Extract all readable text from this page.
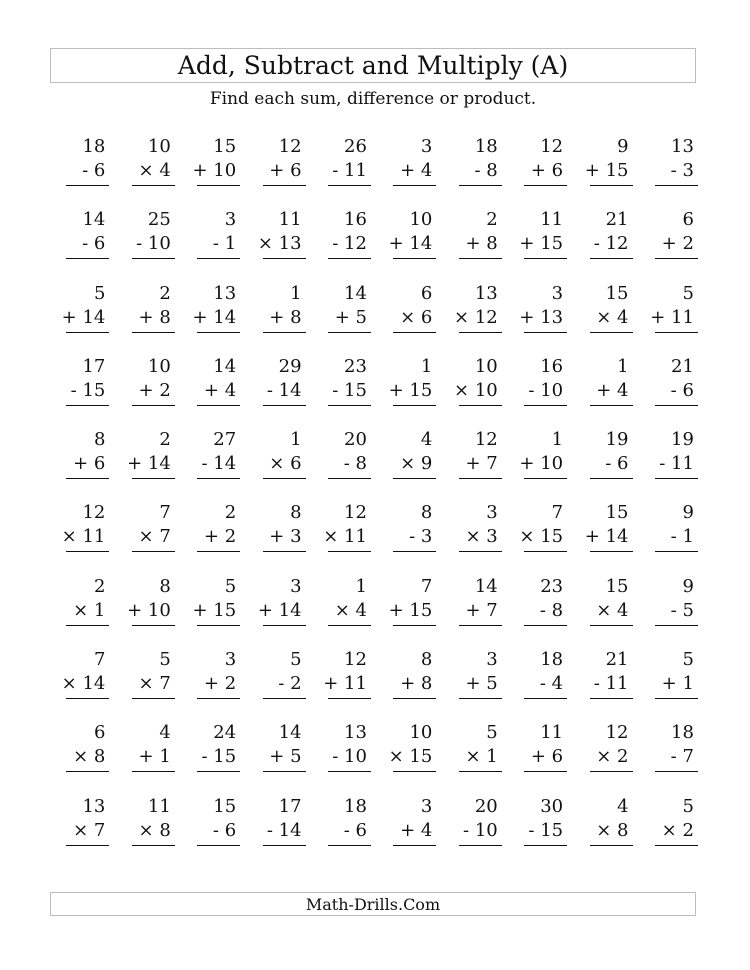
Add, Subtract and Multiply (A)
Find each sum, difference or product.
18
- 6
10
× 4
15
+ 10
12
+ 6
26
- 11
3
+ 4
18
- 8
12
+ 6
9
+ 15
13
- 3
14
- 6
25
- 10
3
- 1
11
× 13
16
- 12
10
+ 14
2
+ 8
11
+ 15
21
- 12
6
+ 2
5
+ 14
2
+ 8
13
+ 14
1
+ 8
14
+ 5
6
× 6
13
× 12
3
+ 13
15
× 4
5
+ 11
17
- 15
10
+ 2
14
+ 4
29
- 14
23
- 15
1
+ 15
10
× 10
16
- 10
1
+ 4
21
- 6
8
+ 6
2
+ 14
27
- 14
1
× 6
20
- 8
4
× 9
12
+ 7
1
+ 10
19
- 6
19
- 11
12
× 11
7
× 7
2
+ 2
8
+ 3
12
× 11
8
- 3
3
× 3
7
× 15
15
+ 14
9
- 1
2
× 1
8
+ 10
5
+ 15
3
+ 14
1
× 4
7
+ 15
14
+ 7
23
- 8
15
× 4
9
- 5
7
× 14
5
× 7
3
+ 2
5
- 2
12
+ 11
8
+ 8
3
+ 5
18
- 4
21
- 11
5
+ 1
6
× 8
4
+ 1
24
- 15
14
+ 5
13
- 10
10
× 15
5
× 1
11
+ 6
12
× 2
18
- 7
13
× 7
11
× 8
15
- 6
17
- 14
18
- 6
3
+ 4
20
- 10
30
- 15
4
× 8
5
× 2
Math-Drills.Com
